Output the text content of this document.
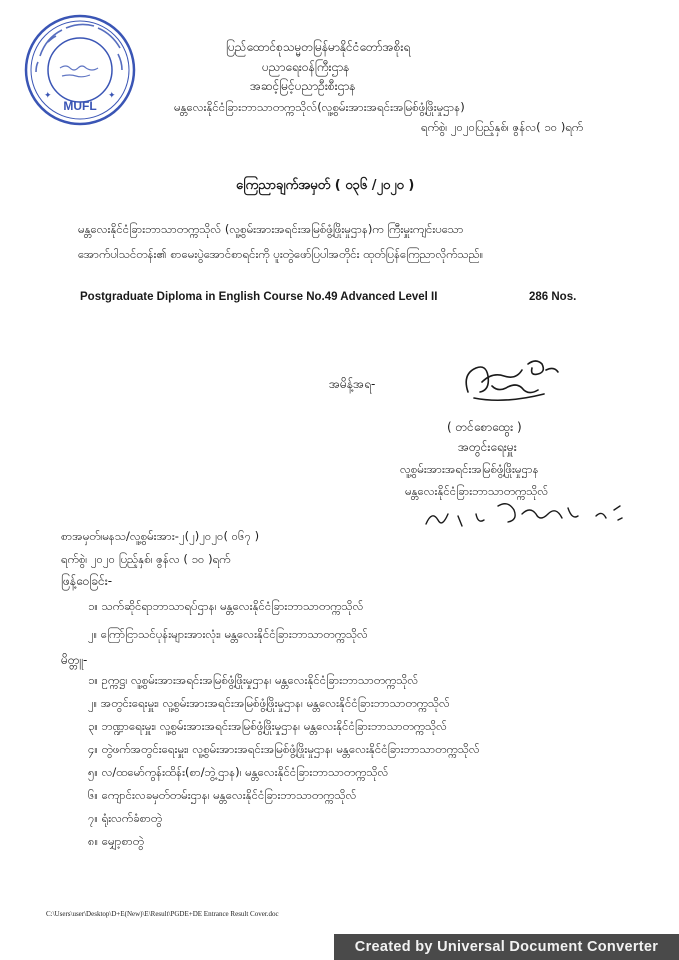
✦	✦
MUFL
ပြည်ထောင်စုသမ္မတမြန်မာနိုင်ငံတော်အစိုးရ
ပညာရေးဝန်ကြီးဌာန
အဆင့်မြင့်ပညာဦးစီးဌာန
မန္တလေးနိုင်ငံခြားဘာသာတက္ကသိုလ်(လူ့စွမ်းအားအရင်းအမြစ်ဖွံ့ဖြိုးမှုဌာန)
ရက်စွဲ၊ ၂၀၂၀ပြည့်နှစ်၊ ဇွန်လ( ၁၀ )ရက်
ကြေညာချက်အမှတ် ( ၀၃၆ /၂၀၂၀ )
မန္တလေးနိုင်ငံခြားဘာသာတက္ကသိုလ် (လူ့စွမ်းအားအရင်းအမြစ်ဖွံ့ဖြိုးမှုဌာန)က ကြီးမှူးကျင်းပသော
အောက်ပါသင်တန်း၏ စာမေးပွဲအောင်စာရင်းကို ပူးတွဲဖော်ပြပါအတိုင်း ထုတ်ပြန်ကြေညာလိုက်သည်။
Postgraduate Diploma in English Course No.49 Advanced Level II	286 Nos.
အမိန့်အရ-
( တင်စောထွေး )
အတွင်းရေးမှူး
လူ့စွမ်းအားအရင်းအမြစ်ဖွံ့ဖြိုးမှုဌာန
မန္တလေးနိုင်ငံခြားဘာသာတက္ကသိုလ်
စာအမှတ်၊မနသ/လူ့စွမ်းအား-၂(၂)၂၀၂၀( ၀၆၇ )
ရက်စွဲ၊ ၂၀၂၀ ပြည့်နှစ်၊ ဇွန်လ ( ၁၀ )ရက်
ဖြန့်ဝေခြင်း-
၁။ သက်ဆိုင်ရာဘာသာရပ်ဌာန၊ မန္တလေးနိုင်ငံခြားဘာသာတက္ကသိုလ်
၂။ ကြော်ငြာသင်ပုန်းများအားလုံး၊ မန္တလေးနိုင်ငံခြားဘာသာတက္ကသိုလ်
မိတ္တူ-
၁။ ဥက္ကဋ္ဌ၊ လူ့စွမ်းအားအရင်းအမြစ်ဖွံ့ဖြိုးမှုဌာန၊ မန္တလေးနိုင်ငံခြားဘာသာတက္ကသိုလ်
၂။ အတွင်းရေးမှူး၊ လူ့စွမ်းအားအရင်းအမြစ်ဖွံ့ဖြိုးမှုဌာန၊ မန္တလေးနိုင်ငံခြားဘာသာတက္ကသိုလ်
၃။ ဘဏ္ဍာရေးမှူး၊ လူ့စွမ်းအားအရင်းအမြစ်ဖွံ့ဖြိုးမှုဌာန၊ မန္တလေးနိုင်ငံခြားဘာသာတက္ကသိုလ်
၄။ တွဲဖက်အတွင်းရေးမှူး၊ လူ့စွမ်းအားအရင်းအမြစ်ဖွံ့ဖြိုးမှုဌာန၊ မန္တလေးနိုင်ငံခြားဘာသာတက္ကသိုလ်
၅။ လ/ထမော်ကွန်းထိန်း(စာ/ဘွဲ့ဌာန)၊ မန္တလေးနိုင်ငံခြားဘာသာတက္ကသိုလ်
၆။ ကျောင်းလခမှတ်တမ်းဌာန၊ မန္တလေးနိုင်ငံခြားဘာသာတက္ကသိုလ်
၇။ ရုံးလက်ခံစာတွဲ
၈။ မျှော့စာတွဲ
C:\Users\user\Desktop\D+E(New)\E\Result\PGDE+DE Entrance Result Cover.doc
Created by Universal Document Converter
